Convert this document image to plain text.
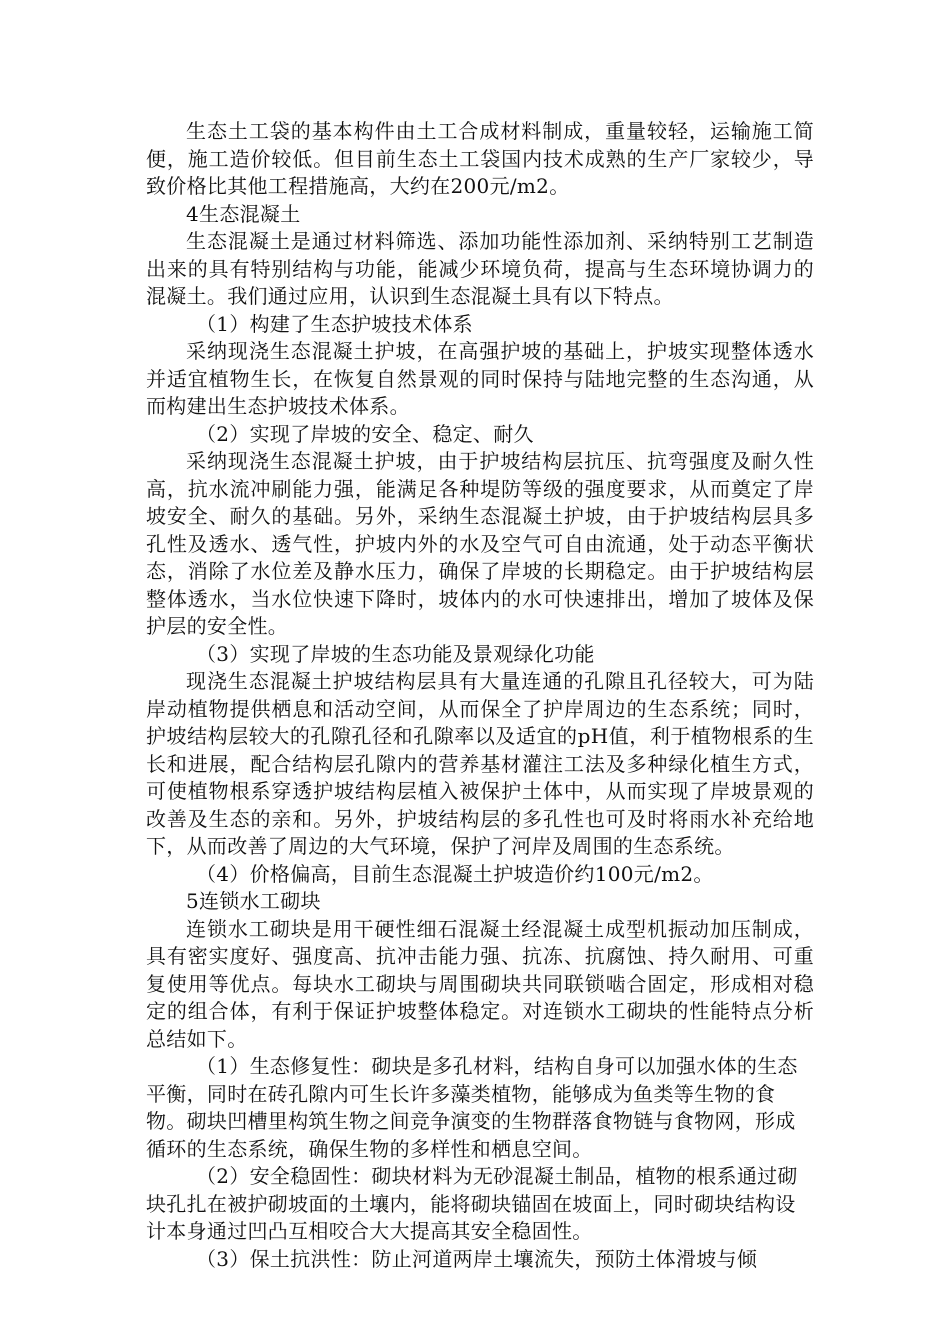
生态土工袋的基本构件由土工合成材料制成，重量较轻，运输施工简便，施工造价较低。但目前生态土工袋国内技术成熟的生产厂家较少，导致价格比其他工程措施高，大约在200元/m2。

4生态混凝土

生态混凝土是通过材料筛选、添加功能性添加剂、采纳特别工艺制造出来的具有特别结构与功能，能减少环境负荷，提高与生态环境协调力的混凝土。我们通过应用，认识到生态混凝土具有以下特点。

（1）构建了生态护坡技术体系

采纳现浇生态混凝土护坡，在高强护坡的基础上，护坡实现整体透水并适宜植物生长，在恢复自然景观的同时保持与陆地完整的生态沟通，从而构建出生态护坡技术体系。

（2）实现了岸坡的安全、稳定、耐久

采纳现浇生态混凝土护坡，由于护坡结构层抗压、抗弯强度及耐久性高，抗水流冲刷能力强，能满足各种堤防等级的强度要求，从而奠定了岸坡安全、耐久的基础。另外，采纳生态混凝土护坡，由于护坡结构层具多孔性及透水、透气性，护坡内外的水及空气可自由流通，处于动态平衡状态，消除了水位差及静水压力，确保了岸坡的长期稳定。由于护坡结构层整体透水，当水位快速下降时，坡体内的水可快速排出，增加了坡体及保护层的安全性。

（3）实现了岸坡的生态功能及景观绿化功能

现浇生态混凝土护坡结构层具有大量连通的孔隙且孔径较大，可为陆岸动植物提供栖息和活动空间，从而保全了护岸周边的生态系统；同时，护坡结构层较大的孔隙孔径和孔隙率以及适宜的pH值，利于植物根系的生长和进展，配合结构层孔隙内的营养基材灌注工法及多种绿化植生方式，可使植物根系穿透护坡结构层植入被保护土体中，从而实现了岸坡景观的改善及生态的亲和。另外，护坡结构层的多孔性也可及时将雨水补充给地下，从而改善了周边的大气环境，保护了河岸及周围的生态系统。

（4）价格偏高，目前生态混凝土护坡造价约100元/m2。

5连锁水工砌块

连锁水工砌块是用干硬性细石混凝土经混凝土成型机振动加压制成，具有密实度好、强度高、抗冲击能力强、抗冻、抗腐蚀、持久耐用、可重复使用等优点。每块水工砌块与周围砌块共同联锁啮合固定，形成相对稳定的组合体，有利于保证护坡整体稳定。对连锁水工砌块的性能特点分析总结如下。

（1）生态修复性：砌块是多孔材料，结构自身可以加强水体的生态平衡，同时在砖孔隙内可生长许多藻类植物，能够成为鱼类等生物的食物。砌块凹槽里构筑生物之间竞争演变的生物群落食物链与食物网，形成循环的生态系统，确保生物的多样性和栖息空间。

（2）安全稳固性：砌块材料为无砂混凝土制品，植物的根系通过砌块孔扎在被护砌坡面的土壤内，能将砌块锚固在坡面上，同时砌块结构设计本身通过凹凸互相咬合大大提高其安全稳固性。

（3）保土抗洪性：防止河道两岸土壤流失，预防土体滑坡与倾
